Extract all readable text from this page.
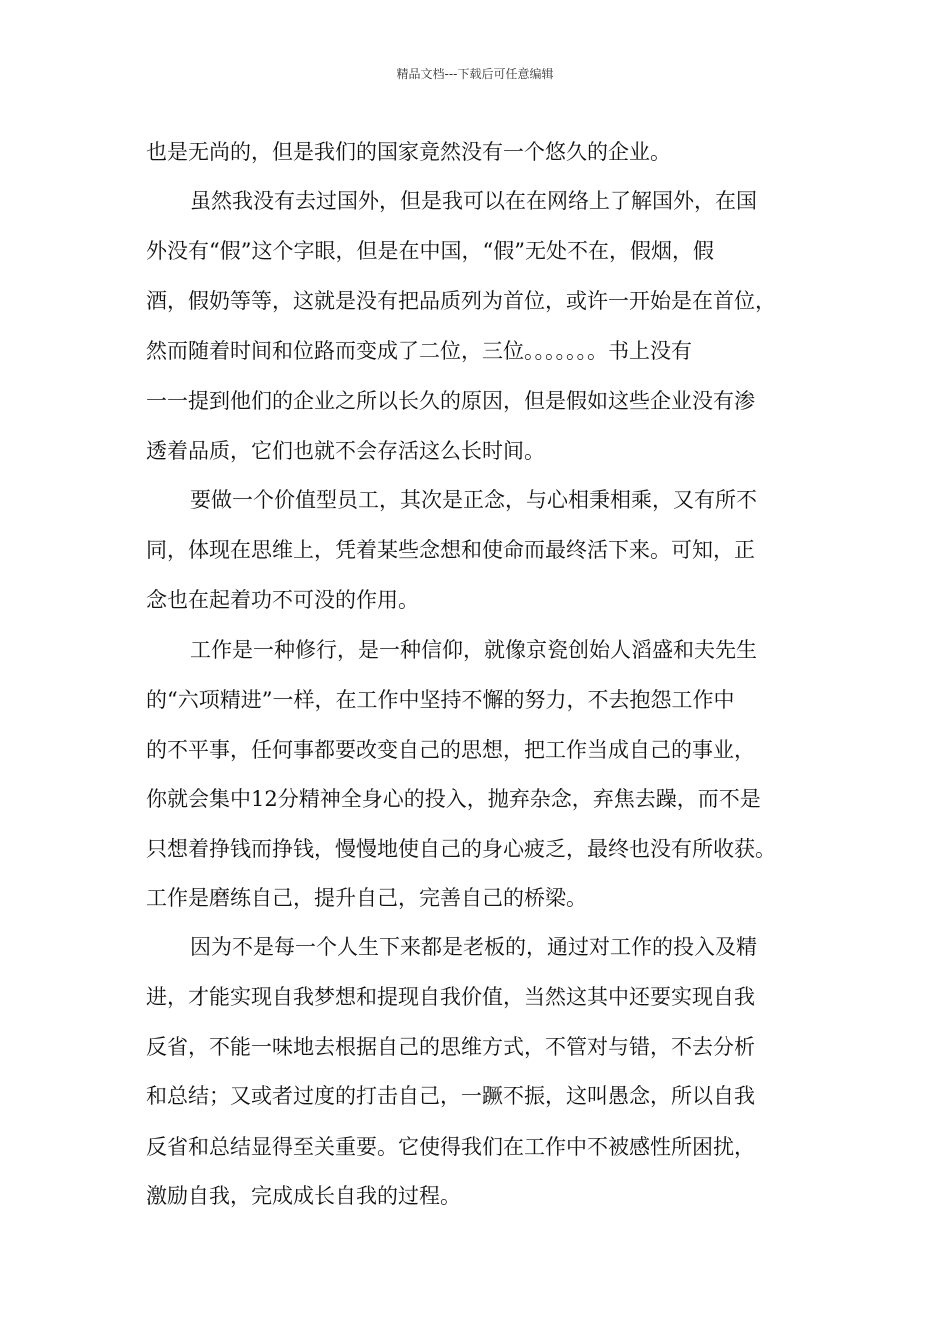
精品文档---下载后可任意编辑
也是无尚的，但是我们的国家竟然没有一个悠久的企业。
虽然我没有去过国外，但是我可以在在网络上了解国外，在国
外没有“假”这个字眼，但是在中国，“假”无处不在，假烟，假
酒，假奶等等，这就是没有把品质列为首位，或许一开始是在首位，
然而随着时间和位路而变成了二位，三位。。。。。。。书上没有
一一提到他们的企业之所以长久的原因，但是假如这些企业没有渗
透着品质，它们也就不会存活这么长时间。
要做一个价值型员工，其次是正念，与心相秉相乘，又有所不
同，体现在思维上，凭着某些念想和使命而最终活下来。可知，正
念也在起着功不可没的作用。
工作是一种修行，是一种信仰，就像京瓷创始人滔盛和夫先生
的“六项精进”一样，在工作中坚持不懈的努力，不去抱怨工作中
的不平事，任何事都要改变自己的思想，把工作当成自己的事业，
你就会集中12分精神全身心的投入，抛弃杂念，弃焦去躁，而不是
只想着挣钱而挣钱，慢慢地使自己的身心疲乏，最终也没有所收获。
工作是磨练自己，提升自己，完善自己的桥梁。
因为不是每一个人生下来都是老板的，通过对工作的投入及精
进，才能实现自我梦想和提现自我价值，当然这其中还要实现自我
反省，不能一味地去根据自己的思维方式，不管对与错，不去分析
和总结；又或者过度的打击自己，一蹶不振，这叫愚念，所以自我
反省和总结显得至关重要。它使得我们在工作中不被感性所困扰，
激励自我，完成成长自我的过程。
